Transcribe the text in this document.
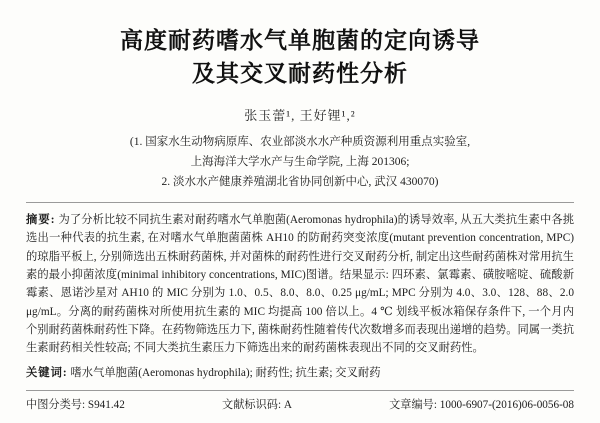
高度耐药嗜水气单胞菌的定向诱导
及其交叉耐药性分析
张玉蕾¹, 王好锂¹,²
(1. 国家水生动物病原库、农业部淡水水产种质资源利用重点实验室,
上海海洋大学水产与生命学院, 上海 201306;
2. 淡水水产健康养殖湖北省协同创新中心, 武汉 430070)
摘要: 为了分析比较不同抗生素对耐药嗜水气单胞菌(Aeromonas hydrophila)的诱导效率, 从五大类抗生素中各挑选出一种代表的抗生素, 在对嗜水气单胞菌菌株 AH10 的防耐药突变浓度(mutant prevention concentration, MPC)的琼脂平板上, 分别筛选出五株耐药菌株, 并对菌株的耐药性进行交叉耐药分析, 制定出这些耐药菌株对常用抗生素的最小抑菌浓度(minimal inhibitory concentrations, MIC)图谱。结果显示: 四环素、氯霉素、磺胺嘧啶、硫酸新霉素、恩诺沙星对 AH10 的 MIC 分别为 1.0、0.5、8.0、8.0、0.25 μg/mL; MPC 分别为 4.0、3.0、128、88、2.0 μg/mL。分离的耐药菌株对所使用抗生素的 MIC 均提高 100 倍以上。4 ℃ 划线平板冰箱保存条件下, 一个月内个别耐药菌株耐药性下降。在药物筛选压力下, 菌株耐药性随着传代次数增多而表现出递增的趋势。同属一类抗生素耐药相关性较高; 不同大类抗生素压力下筛选出来的耐药菌株表现出不同的交叉耐药性。
关键词: 嗜水气单胞菌(Aeromonas hydrophila); 耐药性; 抗生素; 交叉耐药
中图分类号: S941.42	文献标识码: A	文章编号: 1000-6907-(2016)06-0056-08
